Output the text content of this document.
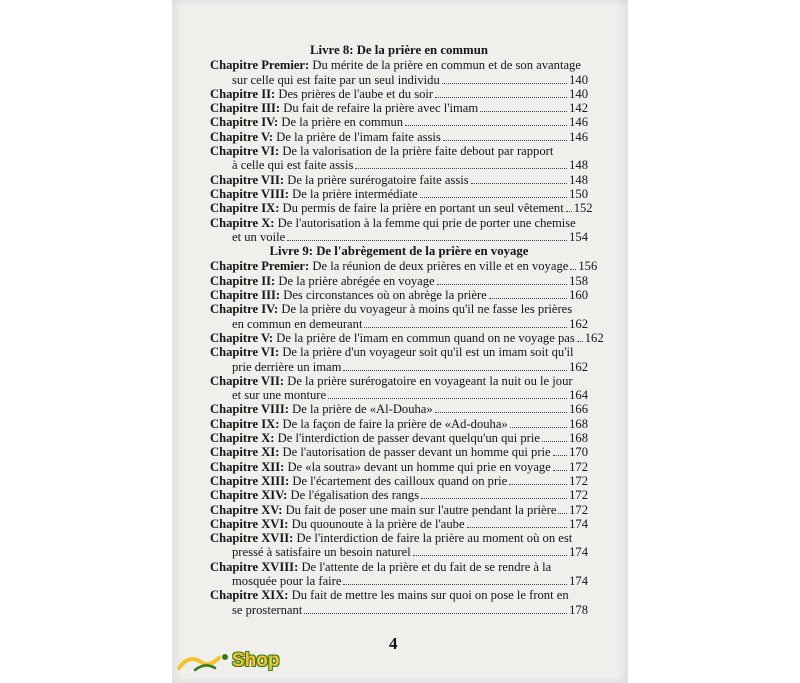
Livre 8: De la prière en commun
Chapitre Premier: Du mérite de la prière en commun et de son avantage
sur celle qui est faite par un seul individu	140
Chapitre II: Des prières de l'aube et du soir	140
Chapitre III: Du fait de refaire la prière avec l'imam	142
Chapitre IV: De la prière en commun	146
Chapitre V: De la prière de l'imam faite assis	146
Chapitre VI: De la valorisation de la prière faite debout par rapport
à celle qui est faite assis	148
Chapitre VII: De la prière surérogatoire faite assis	148
Chapitre VIII: De la prière intermédiate	150
Chapitre IX: Du permis de faire la prière en portant un seul vêtement 152
Chapitre X: De l'autorisation à la femme qui prie de porter une chemise
et un voile	154
Livre 9: De l'abrègement de la prière en voyage
Chapitre Premier: De la réunion de deux prières en ville et en voyage 156
Chapitre II: De la prière abrégée en voyage	158
Chapitre III: Des circonstances où on abrège la prière	160
Chapitre IV: De la prière du voyageur à moins qu'il ne fasse les prières
en commun en demeurant	162
Chapitre V: De la prière de l'imam en commun quand on ne voyage pas 162
Chapitre VI: De la prière d'un voyageur soit qu'il est un imam soit qu'il
prie derrière un imam	162
Chapitre VII: De la prière surérogatoire en voyageant la nuit ou le jour
et sur une monture	164
Chapitre VIII: De la prière de «Al-Douha»	166
Chapitre IX: De la façon de faire la prière de «Ad-douha»	168
Chapitre X: De l'interdiction de passer devant quelqu'un qui prie 168
Chapitre XI: De l'autorisation de passer devant un homme qui prie 170
Chapitre XII: De «la soutra» devant un homme qui prie en voyage 172
Chapitre XIII: De l'écartement des cailloux quand on prie	172
Chapitre XIV: De l'égalisation des rangs	172
Chapitre XV: Du fait de poser une main sur l'autre pendant la prière 172
Chapitre XVI: Du quounoute à la prière de l'aube	174
Chapitre XVII: De l'interdiction de faire la prière au moment où on est
pressé à satisfaire un besoin naturel	174
Chapitre XVIII: De l'attente de la prière et du fait de se rendre à la
mosquée pour la faire	174
Chapitre XIX: Du fait de mettre les mains sur quoi on pose le front en
se prosternant	178
4
Shop
